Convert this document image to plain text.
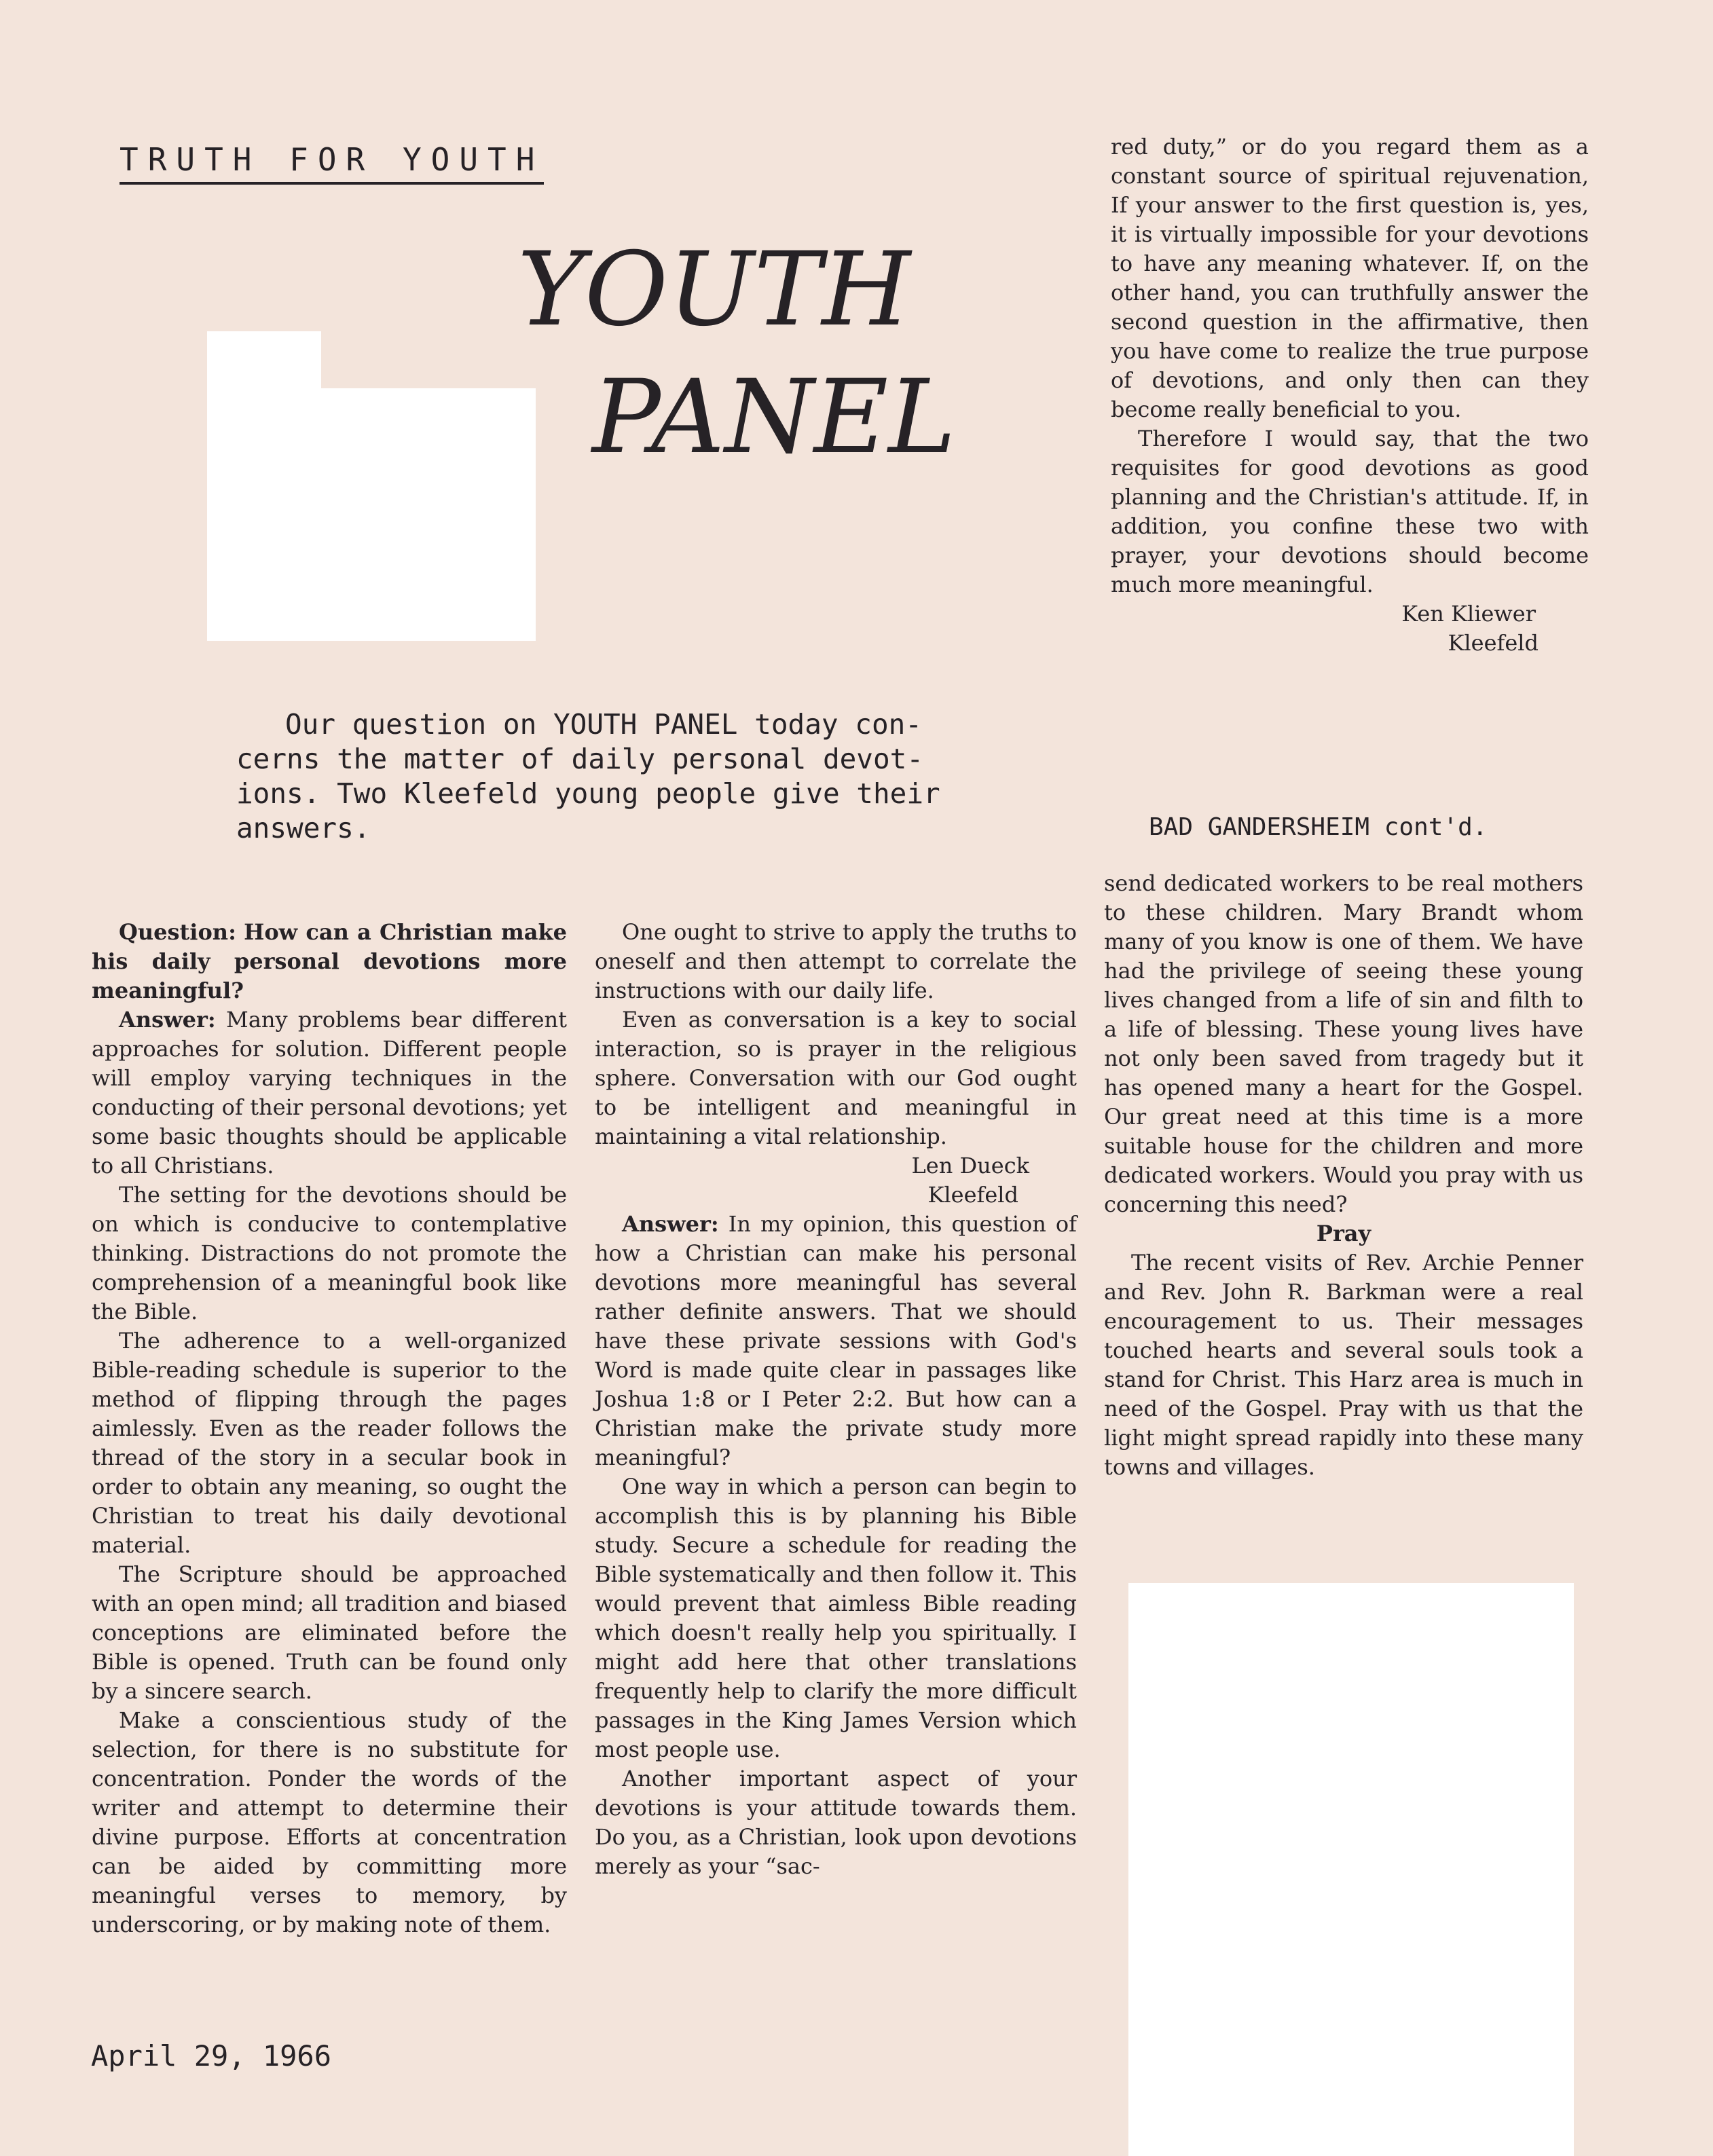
TRUTH FOR YOUTH
YOUTH
PANEL
Our question on YOUTH PANEL today con-
cerns the matter of daily personal devot-
ions. Two Kleefeld young people give their
answers.

Question: How can a Christian make his daily personal devotions more meaningful?

Answer: Many problems bear different approaches for solution. Different people will employ varying techniques in the conducting of their personal devotions; yet some basic thoughts should be applicable to all Christians.

The setting for the devotions should be on which is conducive to contemplative thinking. Distractions do not promote the comprehension of a meaningful book like the Bible.

The adherence to a well-organized Bible-reading schedule is superior to the method of flipping through the pages aimlessly. Even as the reader follows the thread of the story in a secular book in order to obtain any meaning, so ought the Christian to treat his daily devotional material.

The Scripture should be approached with an open mind; all tradition and biased conceptions are eliminated before the Bible is opened. Truth can be found only by a sincere search.

Make a conscientious study of the selection, for there is no substitute for concentration. Ponder the words of the writer and attempt to determine their divine purpose. Efforts at concentration can be aided by committing more meaningful verses to memory, by underscoring, or by making note of them.

One ought to strive to apply the truths to oneself and then attempt to correlate the instructions with our daily life.

Even as conversation is a key to social interaction, so is prayer in the religious sphere. Conversation with our God ought to be intelligent and meaningful in maintaining a vital relationship.

Len Dueck

Kleefeld

Answer: In my opinion, this question of how a Christian can make his personal devotions more meaningful has several rather definite answers. That we should have these private sessions with God's Word is made quite clear in passages like Joshua 1:8 or I Peter 2:2. But how can a Christian make the private study more meaningful?

One way in which a person can begin to accomplish this is by planning his Bible study. Secure a schedule for reading the Bible systematically and then follow it. This would prevent that aimless Bible reading which doesn't really help you spiritually. I might add here that other translations frequently help to clarify the more difficult passages in the King James Version which most people use.

Another important aspect of your devotions is your attitude towards them. Do you, as a Christian, look upon devotions merely as your “sac-

red duty,” or do you regard them as a constant source of spiritual rejuvenation, If your answer to the first question is, yes, it is virtually impossible for your devotions to have any meaning whatever. If, on the other hand, you can truthfully answer the second question in the affirmative, then you have come to realize the true purpose of devotions, and only then can they become really beneficial to you.

Therefore I would say, that the two requisites for good devotions as good planning and the Christian's attitude. If, in addition, you confine these two with prayer, your devotions should become much more meaningful.

Ken Kliewer

Kleefeld

BAD GANDERSHEIM cont'd.

send dedicated workers to be real mothers to these children. Mary Brandt whom many of you know is one of them. We have had the privilege of seeing these young lives changed from a life of sin and filth to a life of blessing. These young lives have not only been saved from tragedy but it has opened many a heart for the Gospel. Our great need at this time is a more suitable house for the children and more dedicated workers. Would you pray with us concerning this need?

Pray

The recent visits of Rev. Archie Penner and Rev. John R. Barkman were a real encouragement to us. Their messages touched hearts and several souls took a stand for Christ. This Harz area is much in need of the Gospel. Pray with us that the light might spread rapidly into these many towns and villages.

April 29, 1966
